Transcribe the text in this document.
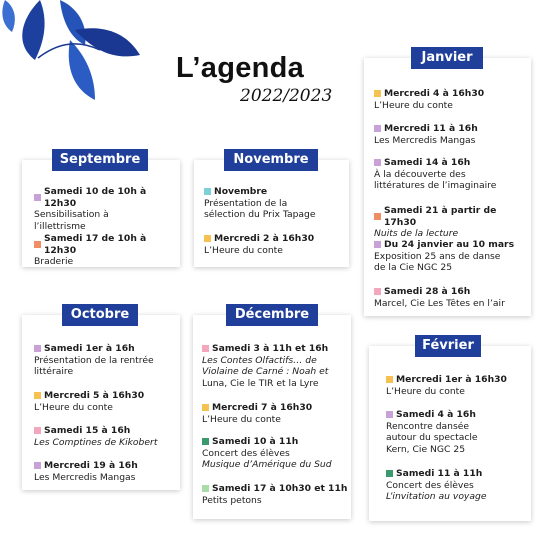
L’agenda
2022/2023
Septembre
Samedi 10 de 10h à 12h30
Sensibilisation à
l’illettrisme
Samedi 17 de 10h à 12h30
Braderie
Novembre
Novembre
Présentation de la
sélection du Prix Tapage
Mercredi 2 à 16h30
L’Heure du conte
Octobre
Samedi 1er à 16h
Présentation de la rentrée
littéraire
Mercredi 5 à 16h30
L’Heure du conte
Samedi 15 à 16h
Les Comptines de Kikobert
Mercredi 19 à 16h
Les Mercredis Mangas
Décembre
Samedi 3 à 11h et 16h
Les Contes Olfactifs… de
Violaine de Carné : Noah et
Luna, Cie le TIR et la Lyre
Mercredi 7 à 16h30
L’Heure du conte
Samedi 10 à 11h
Concert des élèves
Musique d’Amérique du Sud
Samedi 17 à 10h30 et 11h
Petits petons
Janvier
Mercredi 4 à 16h30
L’Heure du conte
Mercredi 11 à 16h
Les Mercredis Mangas
Samedi 14 à 16h
À la découverte des
littératures de l’imaginaire
Samedi 21 à partir de 17h30
Nuits de la lecture
Du 24 janvier au 10 mars
Exposition 25 ans de danse
de la Cie NGC 25
Samedi 28 à 16h
Marcel, Cie Les Têtes en l’air
Février
Mercredi 1er à 16h30
L’Heure du conte
Samedi 4 à 16h
Rencontre dansée
autour du spectacle
Kern, Cie NGC 25
Samedi 11 à 11h
Concert des élèves
L’invitation au voyage
